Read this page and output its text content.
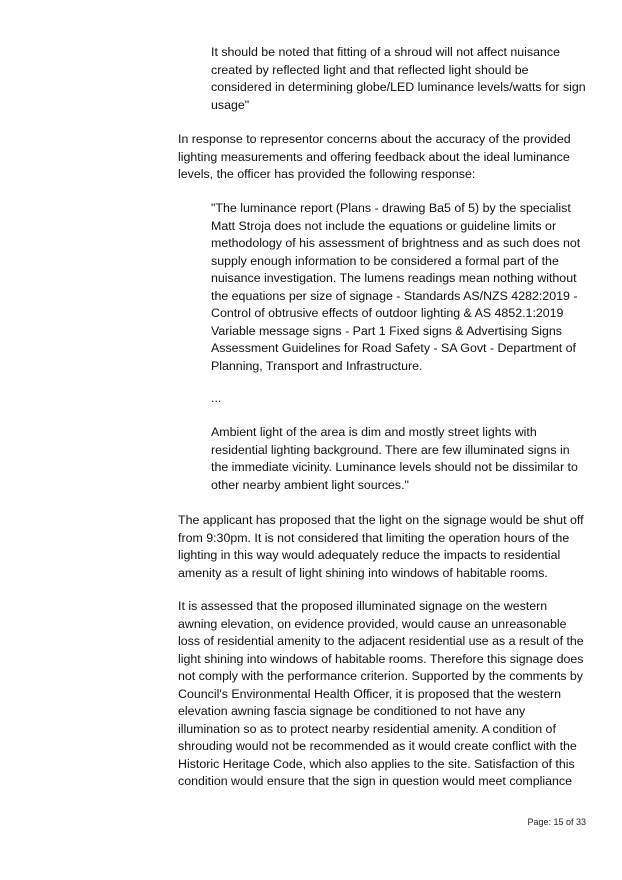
It should be noted that fitting of a shroud will not affect nuisance created by reflected light and that reflected light should be considered in determining globe/LED luminance levels/watts for sign usage"

In response to representor concerns about the accuracy of the provided lighting measurements and offering feedback about the ideal luminance levels, the officer has provided the following response:

"The luminance report (Plans - drawing Ba5 of 5) by the specialist Matt Stroja does not include the equations or guideline limits or methodology of his assessment of brightness and as such does not supply enough information to be considered a formal part of the nuisance investigation. The lumens readings mean nothing without the equations per size of signage - Standards AS/NZS 4282:2019 - Control of obtrusive effects of outdoor lighting & AS 4852.1:2019 Variable message signs - Part 1 Fixed signs & Advertising Signs Assessment Guidelines for Road Safety - SA Govt - Department of Planning, Transport and Infrastructure.

...

Ambient light of the area is dim and mostly street lights with residential lighting background. There are few illuminated signs in the immediate vicinity. Luminance levels should not be dissimilar to other nearby ambient light sources."

The applicant has proposed that the light on the signage would be shut off from 9:30pm. It is not considered that limiting the operation hours of the lighting in this way would adequately reduce the impacts to residential amenity as a result of light shining into windows of habitable rooms.

It is assessed that the proposed illuminated signage on the western awning elevation, on evidence provided, would cause an unreasonable loss of residential amenity to the adjacent residential use as a result of the light shining into windows of habitable rooms. Therefore this signage does not comply with the performance criterion. Supported by the comments by Council's Environmental Health Officer, it is proposed that the western elevation awning fascia signage be conditioned to not have any illumination so as to protect nearby residential amenity. A condition of shrouding would not be recommended as it would create conflict with the Historic Heritage Code, which also applies to the site. Satisfaction of this condition would ensure that the sign in question would meet compliance

Page: 15 of 33
